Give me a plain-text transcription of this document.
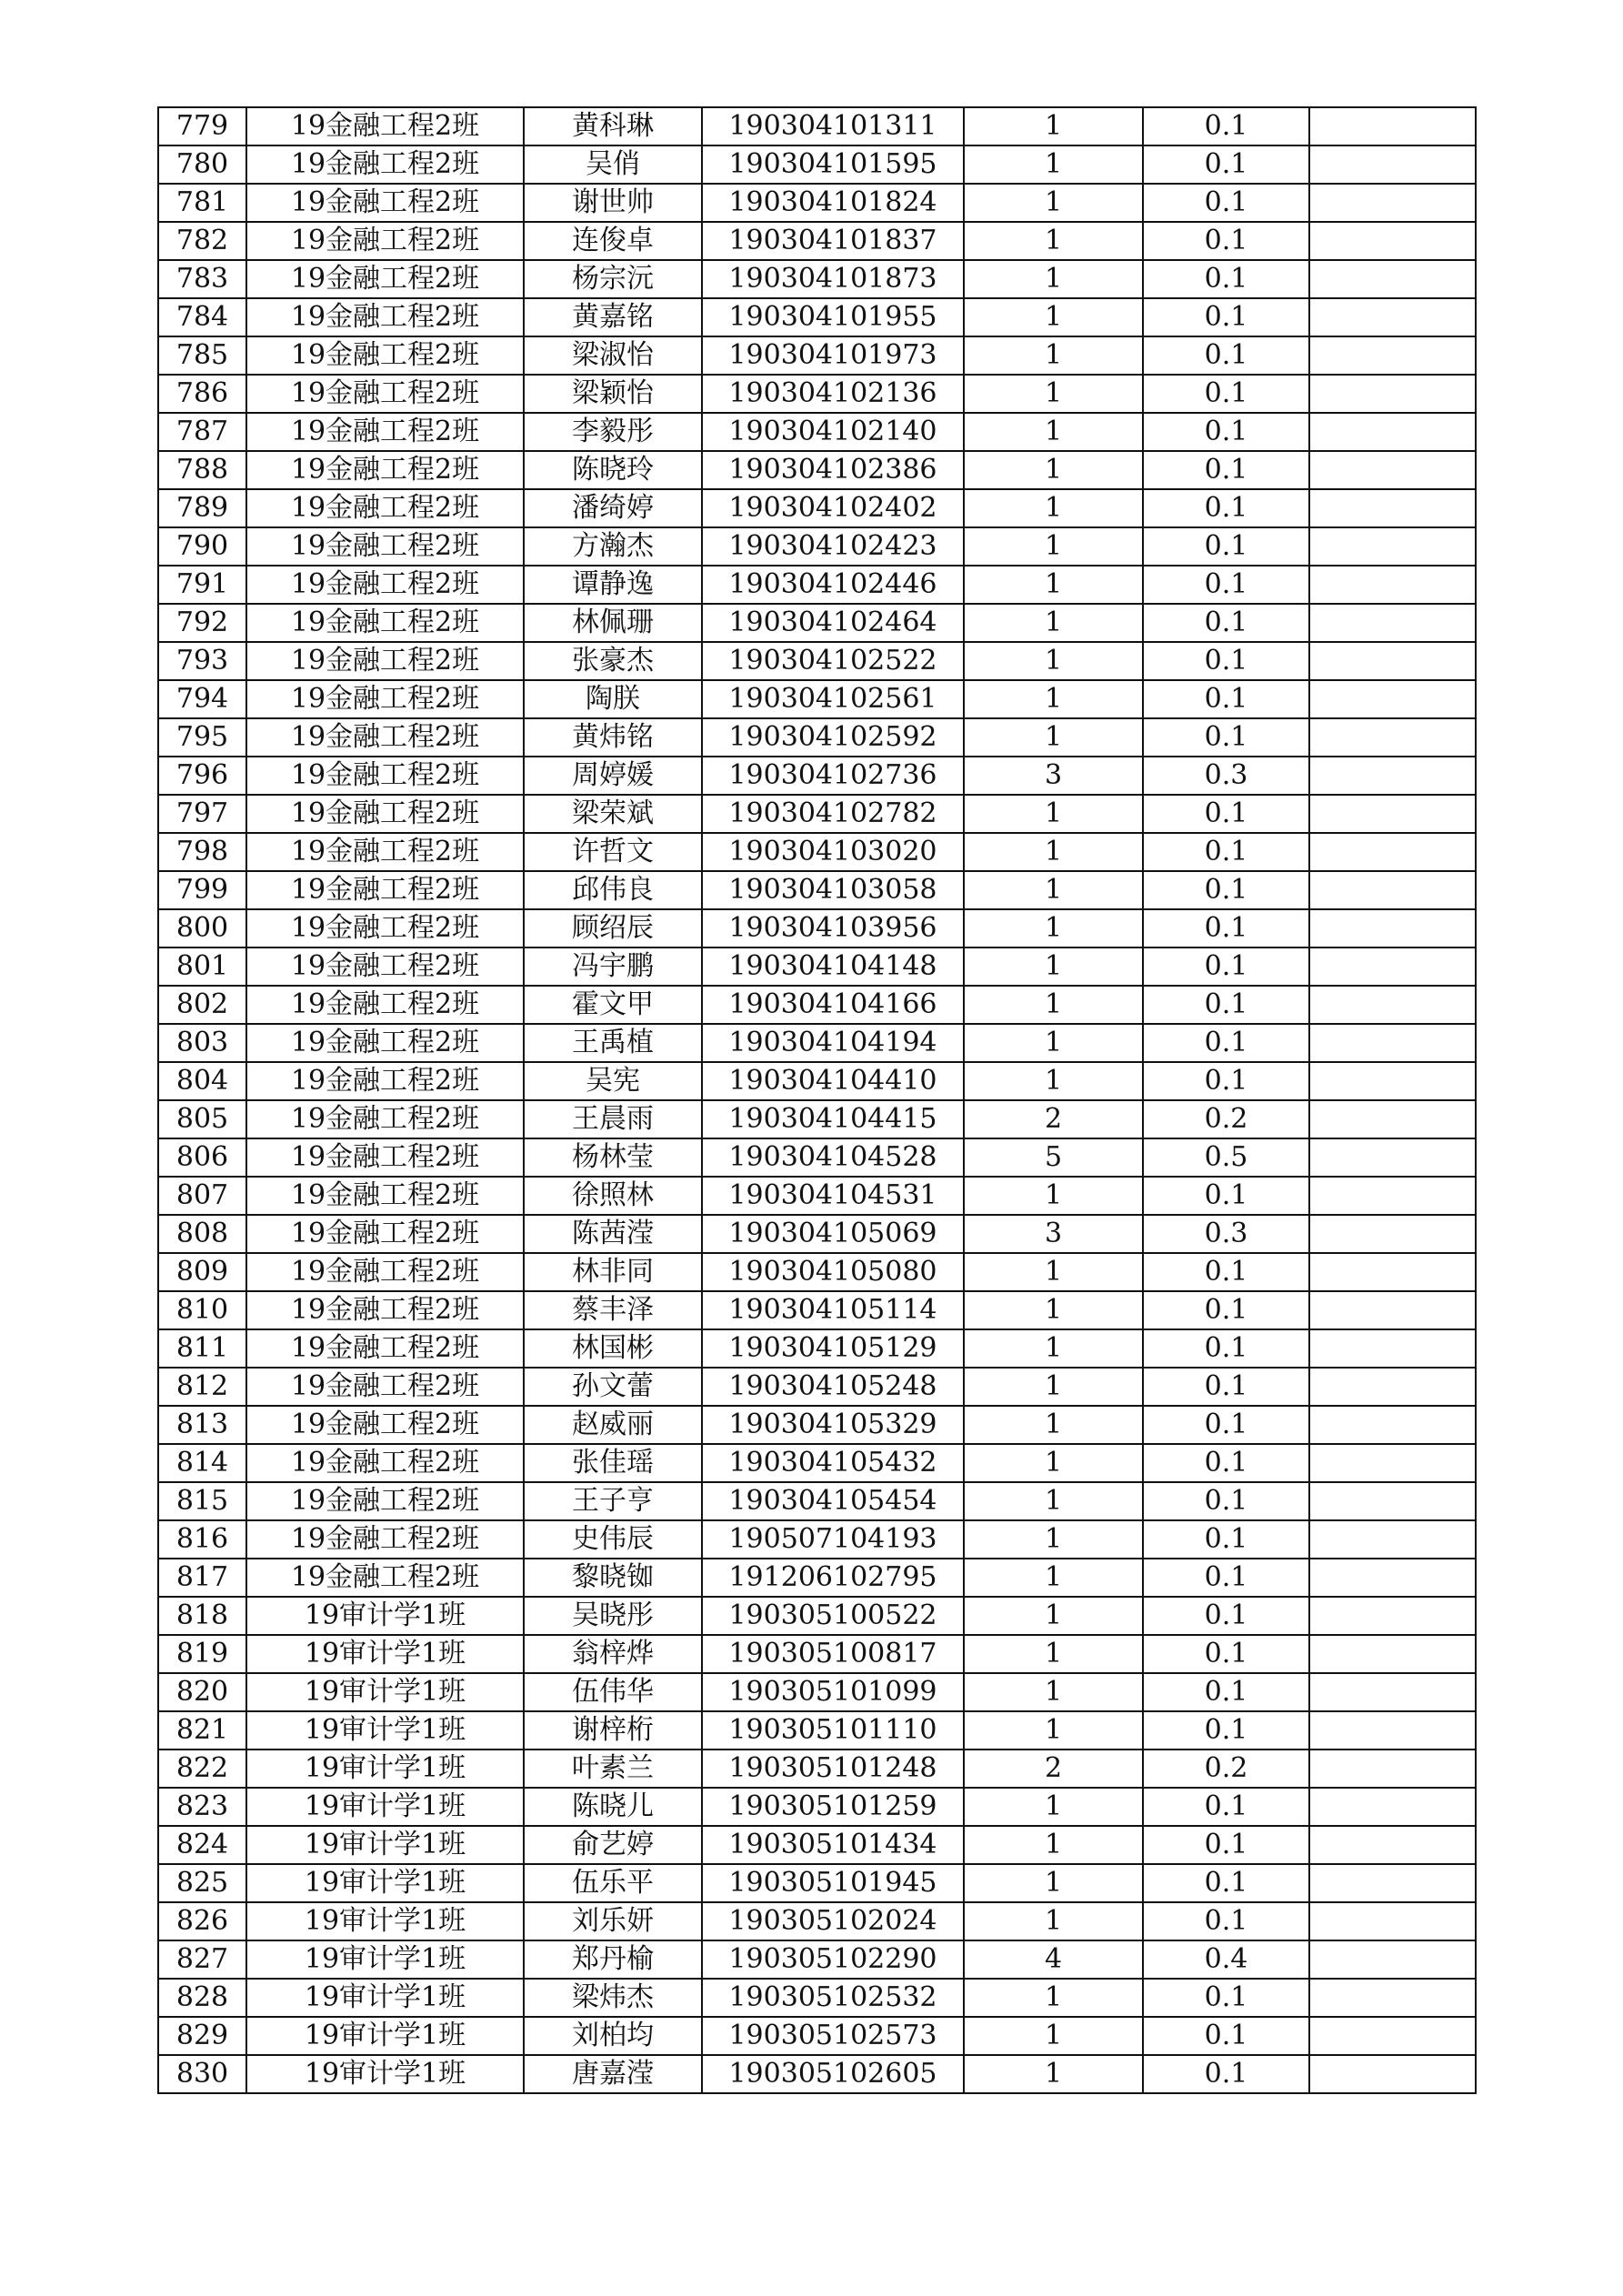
779	19金融工程2班	黄科琳	190304101311	1	0.1	
780	19金融工程2班	吴俏	190304101595	1	0.1	
781	19金融工程2班	谢世帅	190304101824	1	0.1	
782	19金融工程2班	连俊卓	190304101837	1	0.1	
783	19金融工程2班	杨宗沅	190304101873	1	0.1	
784	19金融工程2班	黄嘉铭	190304101955	1	0.1	
785	19金融工程2班	梁淑怡	190304101973	1	0.1	
786	19金融工程2班	梁颖怡	190304102136	1	0.1	
787	19金融工程2班	李毅彤	190304102140	1	0.1	
788	19金融工程2班	陈晓玲	190304102386	1	0.1	
789	19金融工程2班	潘绮婷	190304102402	1	0.1	
790	19金融工程2班	方瀚杰	190304102423	1	0.1	
791	19金融工程2班	谭静逸	190304102446	1	0.1	
792	19金融工程2班	林佩珊	190304102464	1	0.1	
793	19金融工程2班	张豪杰	190304102522	1	0.1	
794	19金融工程2班	陶朕	190304102561	1	0.1	
795	19金融工程2班	黄炜铭	190304102592	1	0.1	
796	19金融工程2班	周婷媛	190304102736	3	0.3	
797	19金融工程2班	梁荣斌	190304102782	1	0.1	
798	19金融工程2班	许哲文	190304103020	1	0.1	
799	19金融工程2班	邱伟良	190304103058	1	0.1	
800	19金融工程2班	顾绍辰	190304103956	1	0.1	
801	19金融工程2班	冯宇鹏	190304104148	1	0.1	
802	19金融工程2班	霍文甲	190304104166	1	0.1	
803	19金融工程2班	王禹植	190304104194	1	0.1	
804	19金融工程2班	吴宪	190304104410	1	0.1	
805	19金融工程2班	王晨雨	190304104415	2	0.2	
806	19金融工程2班	杨林莹	190304104528	5	0.5	
807	19金融工程2班	徐照林	190304104531	1	0.1	
808	19金融工程2班	陈茜滢	190304105069	3	0.3	
809	19金融工程2班	林非同	190304105080	1	0.1	
810	19金融工程2班	蔡丰泽	190304105114	1	0.1	
811	19金融工程2班	林国彬	190304105129	1	0.1	
812	19金融工程2班	孙文蕾	190304105248	1	0.1	
813	19金融工程2班	赵威丽	190304105329	1	0.1	
814	19金融工程2班	张佳瑶	190304105432	1	0.1	
815	19金融工程2班	王子亨	190304105454	1	0.1	
816	19金融工程2班	史伟辰	190507104193	1	0.1	
817	19金融工程2班	黎晓铷	191206102795	1	0.1	
818	19审计学1班	吴晓彤	190305100522	1	0.1	
819	19审计学1班	翁梓烨	190305100817	1	0.1	
820	19审计学1班	伍伟华	190305101099	1	0.1	
821	19审计学1班	谢梓桁	190305101110	1	0.1	
822	19审计学1班	叶素兰	190305101248	2	0.2	
823	19审计学1班	陈晓儿	190305101259	1	0.1	
824	19审计学1班	俞艺婷	190305101434	1	0.1	
825	19审计学1班	伍乐平	190305101945	1	0.1	
826	19审计学1班	刘乐妍	190305102024	1	0.1	
827	19审计学1班	郑丹榆	190305102290	4	0.4	
828	19审计学1班	梁炜杰	190305102532	1	0.1	
829	19审计学1班	刘柏均	190305102573	1	0.1	
830	19审计学1班	唐嘉滢	190305102605	1	0.1	
